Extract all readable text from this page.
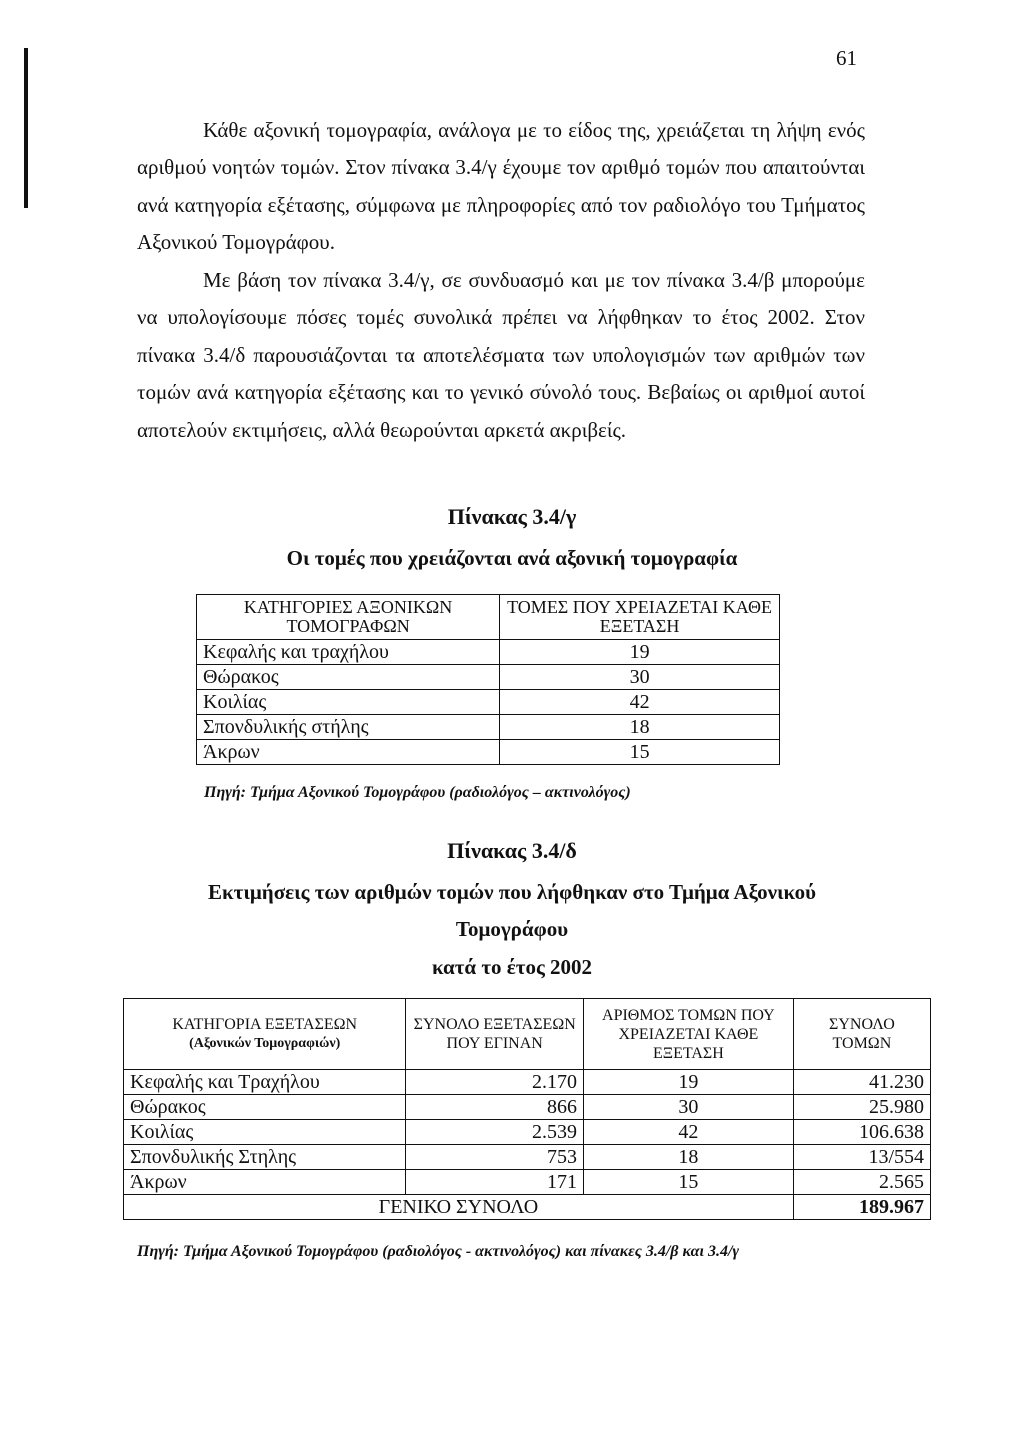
61

Κάθε αξονική τομογραφία, ανάλογα με το είδος της, χρειάζεται τη λήψη ενός αριθμού νοητών τομών. Στον πίνακα 3.4/γ έχουμε τον αριθμό τομών που απαιτούνται ανά κατηγορία εξέτασης, σύμφωνα με πληροφορίες από τον ραδιολόγο του Τμήματος Αξονικού Τομογράφου.

Με βάση τον πίνακα 3.4/γ, σε συνδυασμό και με τον πίνακα 3.4/β μπορούμε να υπολογίσουμε πόσες τομές συνολικά πρέπει να λήφθηκαν το έτος 2002. Στον πίνακα 3.4/δ παρουσιάζονται τα αποτελέσματα των υπολογισμών των αριθμών των τομών ανά κατηγορία εξέτασης και το γενικό σύνολό τους. Βεβαίως οι αριθμοί αυτοί αποτελούν εκτιμήσεις, αλλά θεωρούνται αρκετά ακριβείς.

Πίνακας 3.4/γ
Οι τομές που χρειάζονται ανά αξονική τομογραφία
ΚΑΤΗΓΟΡΙΕΣ ΑΞΟΝΙΚΩΝ ΤΟΜΟΓΡΑΦΩΝ	ΤΟΜΕΣ ΠΟΥ ΧΡΕΙΑΖΕΤΑΙ ΚΑΘΕ ΕΞΕΤΑΣΗ
Κεφαλής και τραχήλου	19
Θώρακος	30
Κοιλίας	42
Σπονδυλικής στήλης	18
Άκρων	15
Πηγή: Τμήμα Αξονικού Τομογράφου (ραδιολόγος – ακτινολόγος)
Πίνακας 3.4/δ
Εκτιμήσεις των αριθμών τομών που λήφθηκαν στο Τμήμα Αξονικού
Τομογράφου
κατά το έτος 2002
ΚΑΤΗΓΟΡΙΑ ΕΞΕΤΑΣΕΩΝ
(Αξονικών Τομογραφιών)	ΣΥΝΟΛΟ ΕΞΕΤΑΣΕΩΝ ΠΟΥ ΕΓΙΝΑΝ	ΑΡΙΘΜΟΣ ΤΟΜΩΝ ΠΟΥ ΧΡΕΙΑΖΕΤΑΙ ΚΑΘΕ ΕΞΕΤΑΣΗ	ΣΥΝΟΛΟ ΤΟΜΩΝ
Κεφαλής και Τραχήλου	2.170	19	41.230
Θώρακος	866	30	25.980
Κοιλίας	2.539	42	106.638
Σπονδυλικής Στηλης	753	18	13/554
Άκρων	171	15	2.565
ΓΕΝΙΚΟ ΣΥΝΟΛΟ			189.967
Πηγή: Τμήμα Αξονικού Τομογράφου (ραδιολόγος - ακτινολόγος) και πίνακες 3.4/β και 3.4/γ
